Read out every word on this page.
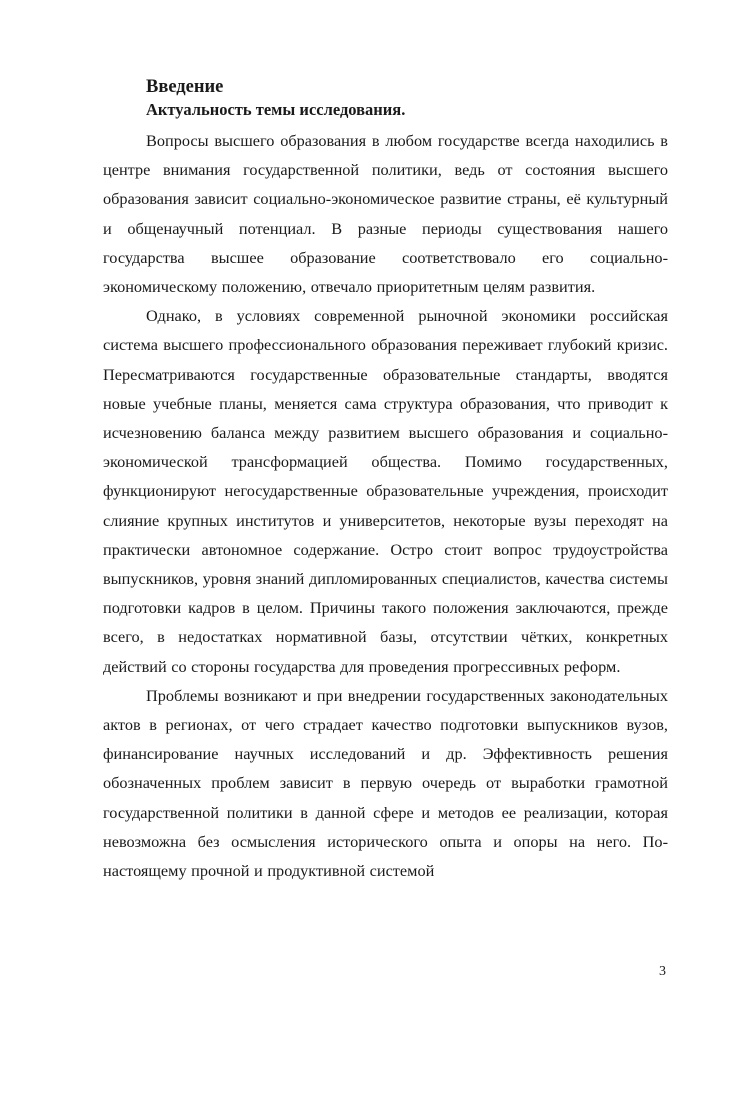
Введение
Актуальность темы исследования.

Вопросы высшего образования в любом государстве всегда находились в центре внимания государственной политики, ведь от состояния высшего образования зависит социально-экономическое развитие страны, её культурный и общенаучный потенциал. В разные периоды существования нашего государства высшее образование соответствовало его социально-экономическому положению, отвечало приоритетным целям развития.

Однако, в условиях современной рыночной экономики российская система высшего профессионального образования переживает глубокий кризис. Пересматриваются государственные образовательные стандарты, вводятся новые учебные планы, меняется сама структура образования, что приводит к исчезновению баланса между развитием высшего образования и социально-экономической трансформацией общества. Помимо государственных, функционируют негосударственные образовательные учреждения, происходит слияние крупных институтов и университетов, некоторые вузы переходят на практически автономное содержание. Остро стоит вопрос трудоустройства выпускников, уровня знаний дипломированных специалистов, качества системы подготовки кадров в целом. Причины такого положения заключаются, прежде всего, в недостатках нормативной базы, отсутствии чётких, конкретных действий со стороны государства для проведения прогрессивных реформ.

Проблемы возникают и при внедрении государственных законодательных актов в регионах, от чего страдает качество подготовки выпускников вузов, финансирование научных исследований и др. Эффективность решения обозначенных проблем зависит в первую очередь от выработки грамотной государственной политики в данной сфере и методов ее реализации, которая невозможна без осмысления исторического опыта и опоры на него. По-настоящему прочной и продуктивной системой

3
